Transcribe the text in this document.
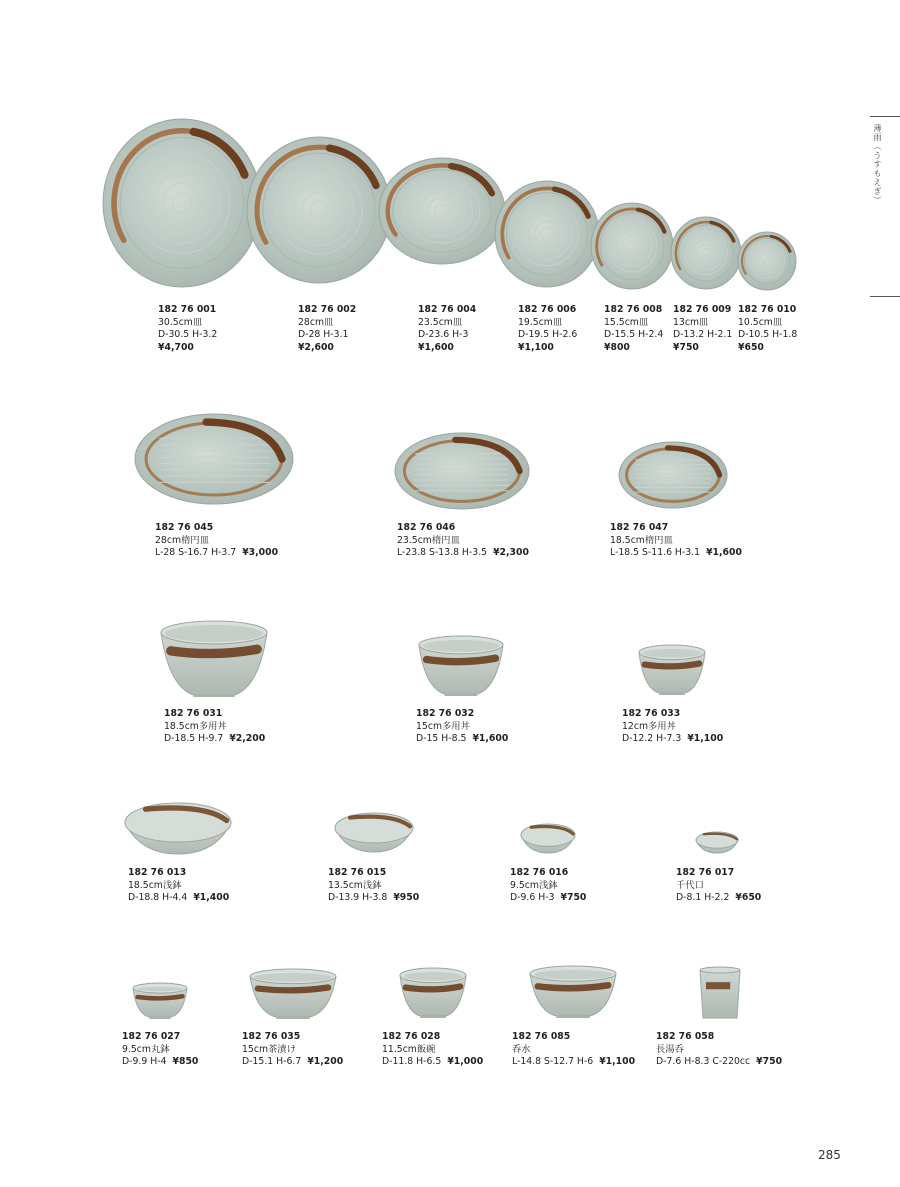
薄雨（うすもえぎ）
182 76 001
30.5cm皿
D-30.5 H-3.2
¥4,700
182 76 002
28cm皿
D-28 H-3.1
¥2,600
182 76 004
23.5cm皿
D-23.6 H-3
¥1,600
182 76 006
19.5cm皿
D-19.5 H-2.6
¥1,100
182 76 008
15.5cm皿
D-15.5 H-2.4
¥800
182 76 009
13cm皿
D-13.2 H-2.1
¥750
182 76 010
10.5cm皿
D-10.5 H-1.8
¥650
182 76 045
28cm楕円皿
L-28 S-16.7 H-3.7 ¥3,000
182 76 046
23.5cm楕円皿
L-23.8 S-13.8 H-3.5 ¥2,300
182 76 047
18.5cm楕円皿
L-18.5 S-11.6 H-3.1 ¥1,600
182 76 031
18.5cm多用丼
D-18.5 H-9.7 ¥2,200
182 76 032
15cm多用丼
D-15 H-8.5 ¥1,600
182 76 033
12cm多用丼
D-12.2 H-7.3 ¥1,100
182 76 013
18.5cm浅鉢
D-18.8 H-4.4 ¥1,400
182 76 015
13.5cm浅鉢
D-13.9 H-3.8 ¥950
182 76 016
9.5cm浅鉢
D-9.6 H-3 ¥750
182 76 017
千代口
D-8.1 H-2.2 ¥650
182 76 027
9.5cm丸鉢
D-9.9 H-4 ¥850
182 76 035
15cm茶漬け
D-15.1 H-6.7 ¥1,200
182 76 028
11.5cm飯碗
D-11.8 H-6.5 ¥1,000
182 76 085
呑水
L-14.8 S-12.7 H-6 ¥1,100
182 76 058
長湯呑
D-7.6 H-8.3 C-220cc ¥750
285
